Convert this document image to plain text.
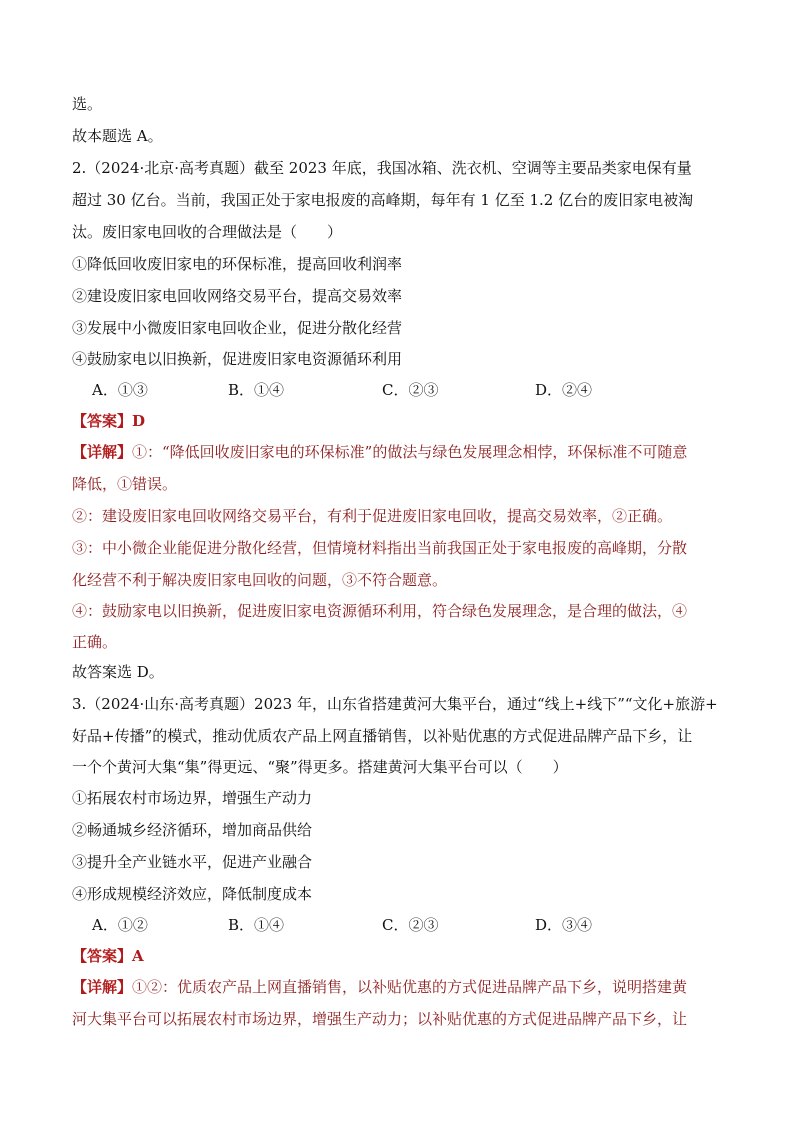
选。
故本题选 A。
2.（2024·北京·高考真题）截至 2023 年底，我国冰箱、洗衣机、空调等主要品类家电保有量
超过 30 亿台。当前，我国正处于家电报废的高峰期，每年有 1 亿至 1.2 亿台的废旧家电被淘
汰。废旧家电回收的合理做法是（　　）
①降低回收废旧家电的环保标准，提高回收利润率
②建设废旧家电回收网络交易平台，提高交易效率
③发展中小微废旧家电回收企业，促进分散化经营
④鼓励家电以旧换新，促进废旧家电资源循环利用
A．①③	B．①④	C．②③	D．②④
【答案】D
【详解】①：“降低回收废旧家电的环保标准”的做法与绿色发展理念相悖，环保标准不可随意
降低，①错误。
②：建设废旧家电回收网络交易平台，有利于促进废旧家电回收，提高交易效率，②正确。
③：中小微企业能促进分散化经营，但情境材料指出当前我国正处于家电报废的高峰期，分散
化经营不利于解决废旧家电回收的问题，③不符合题意。
④：鼓励家电以旧换新，促进废旧家电资源循环利用，符合绿色发展理念，是合理的做法，④
正确。
故答案选 D。
3.（2024·山东·高考真题）2023 年，山东省搭建黄河大集平台，通过“线上+线下”“文化+旅游+
好品+传播”的模式，推动优质农产品上网直播销售，以补贴优惠的方式促进品牌产品下乡，让
一个个黄河大集“集”得更远、“聚”得更多。搭建黄河大集平台可以（　　）
①拓展农村市场边界，增强生产动力
②畅通城乡经济循环，增加商品供给
③提升全产业链水平，促进产业融合
④形成规模经济效应，降低制度成本
A．①②	B．①④	C．②③	D．③④
【答案】A
【详解】①②：优质农产品上网直播销售，以补贴优惠的方式促进品牌产品下乡，说明搭建黄
河大集平台可以拓展农村市场边界，增强生产动力；以补贴优惠的方式促进品牌产品下乡，让
